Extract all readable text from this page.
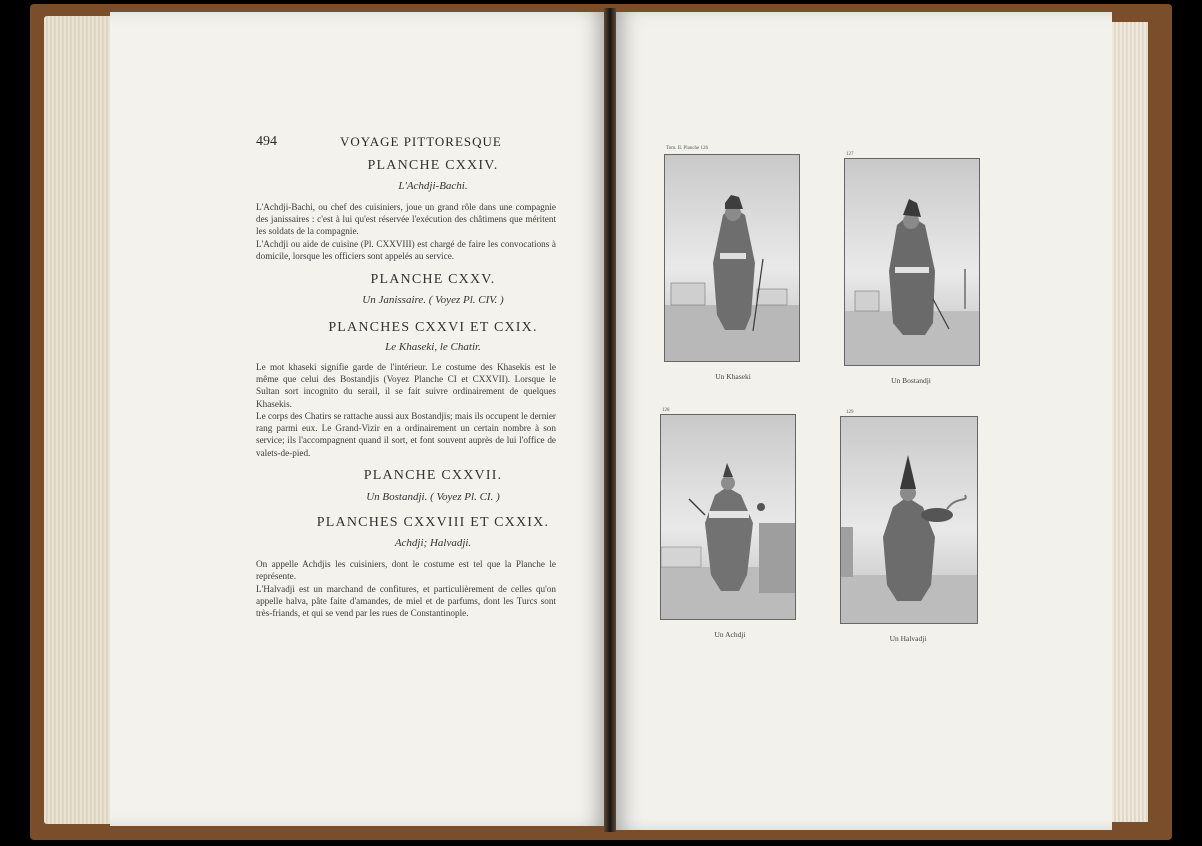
494	VOYAGE PITTORESQUE
PLANCHE CXXIV.
L'Achdji-Bachi.
L'Achdji-Bachi, ou chef des cuisiniers, joue un grand rôle dans une compagnie des janissaires : c'est à lui qu'est réservée l'exécution des châtimens que méritent les soldats de la compagnie.
L'Achdji ou aide de cuisine (Pl. CXXVIII) est chargé de faire les convocations à domicile, lorsque les officiers sont appelés au service.
PLANCHE CXXV.
Un Janissaire. ( Voyez Pl. CIV. )
PLANCHES CXXVI ET CXIX.
Le Khaseki, le Chatir.
Le mot khaseki signifie garde de l'intérieur. Le costume des Khasekis est le même que celui des Bostandjis (Voyez Planche CI et CXXVII). Lorsque le Sultan sort incognito du serail, il se fait suivre ordinairement de quelques Khasekis.
Le corps des Chatirs se rattache aussi aux Bostandjis; mais ils occupent le dernier rang parmi eux. Le Grand-Vizir en a ordinairement un certain nombre à son service; ils l'accompagnent quand il sort, et font souvent auprès de lui l'office de valets-de-pied.
PLANCHE CXXVII.
Un Bostandji. ( Voyez Pl. CI. )
PLANCHES CXXVIII ET CXXIX.
Achdji; Halvadji.
On appelle Achdjis les cuisiniers, dont le costume est tel que la Planche le représente.
L'Halvadji est un marchand de confitures, et particulièrement de celles qu'on appelle halva, pâte faite d'amandes, de miel et de parfums, dont les Turcs sont très-friands, et qui se vend par les rues de Constantinople.
Tom. II. Planche 126
127
128	129
Un Khaseki	Un Bostandji
Un Achdji	Un Halvadji
